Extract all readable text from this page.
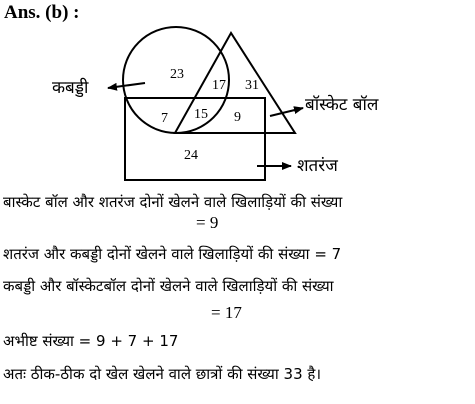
Ans. (b) :
कबड्डी
बॉस्केट बॉल
शतरंज
23
17 31
7 15 9
24
बास्केट बॉल और शतरंज दोनों खेलने वाले खिलाड़ियों की संख्या
= 9
शतरंज और कबड्डी दोनों खेलने वाले खिलाड़ियों की संख्या = 7
कबड्डी और बॉस्केटबॉल दोनों खेलने वाले खिलाड़ियों की संख्या
= 17
अभीष्ट संख्या = 9 + 7 + 17
अतः ठीक-ठीक दो खेल खेलने वाले छात्रों की संख्या 33 है।
